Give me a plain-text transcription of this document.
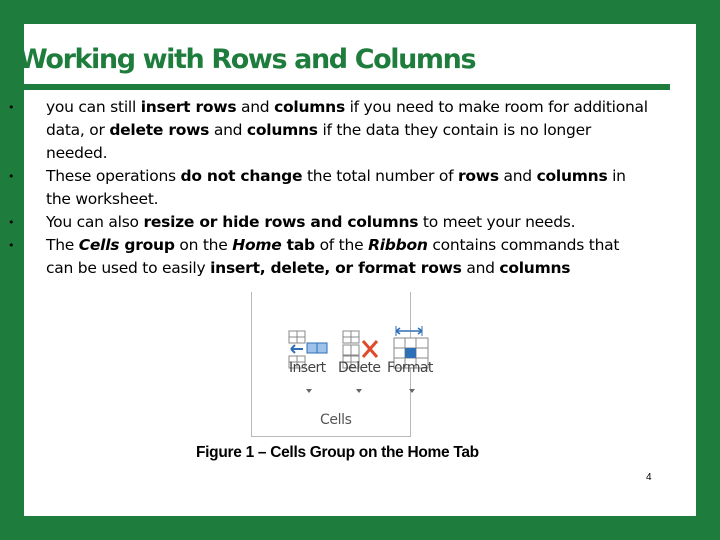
Working with Rows and Columns
• you can still insert rows and columns if you need to make room for additional data, or delete rows and columns if the data they contain is no longer needed.
• These operations do not change the total number of rows and columns in the worksheet.
• You can also resize or hide rows and columns to meet your needs.
• The Cells group on the Home tab of the Ribbon contains commands that can be used to easily insert, delete, or format rows and columns
Insert Delete Format
Cells
Figure 1 – Cells Group on the Home Tab
4
